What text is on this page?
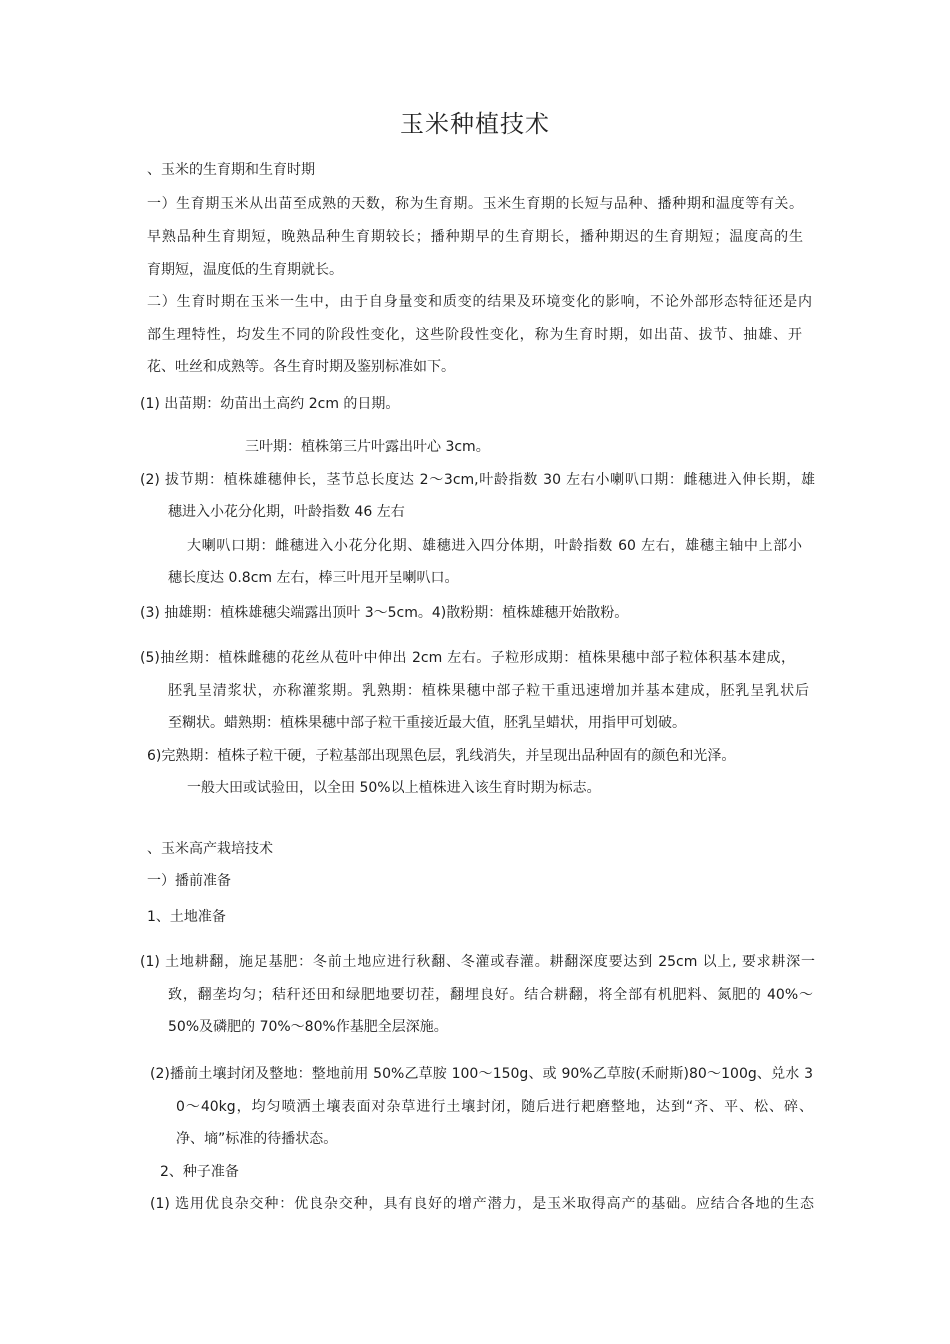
玉米种植技术
、玉米的生育期和生育时期
一）生育期玉米从出苗至成熟的天数，称为生育期。玉米生育期的长短与品种、播种期和温度等有关。
早熟品种生育期短，晚熟品种生育期较长；播种期早的生育期长，播种期迟的生育期短；温度高的生
育期短，温度低的生育期就长。
二）生育时期在玉米一生中，由于自身量变和质变的结果及环境变化的影响，不论外部形态特征还是内
部生理特性，均发生不同的阶段性变化，这些阶段性变化，称为生育时期，如出苗、拔节、抽雄、开
花、吐丝和成熟等。各生育时期及鉴别标准如下。
(1) 出苗期：幼苗出土高约 2cm 的日期。
三叶期：植株第三片叶露出叶心 3cm。
(2) 拔节期：植株雄穗伸长，茎节总长度达 2～3cm,叶龄指数 30 左右小喇叭口期：雌穗进入伸长期，雄
穗进入小花分化期，叶龄指数 46 左右
大喇叭口期：雌穗进入小花分化期、雄穗进入四分体期，叶龄指数 60 左右，雄穗主轴中上部小
穗长度达 0.8cm 左右，棒三叶甩开呈喇叭口。
(3) 抽雄期：植株雄穗尖端露出顶叶 3～5cm。4)散粉期：植株雄穗开始散粉。
(5)抽丝期：植株雌穗的花丝从苞叶中伸出 2cm 左右。子粒形成期：植株果穗中部子粒体积基本建成，
胚乳呈清浆状，亦称灌浆期。乳熟期：植株果穗中部子粒干重迅速增加并基本建成，胚乳呈乳状后
至糊状。蜡熟期：植株果穗中部子粒干重接近最大值，胚乳呈蜡状，用指甲可划破。
6)完熟期：植株子粒干硬，子粒基部出现黑色层，乳线消失，并呈现出品种固有的颜色和光泽。
一般大田或试验田，以全田 50%以上植株进入该生育时期为标志。
、玉米高产栽培技术
一）播前准备
1、土地准备
(1) 土地耕翻，施足基肥：冬前土地应进行秋翻、冬灌或春灌。耕翻深度要达到 25cm 以上, 要求耕深一
致，翻垄均匀；秸秆还田和绿肥地要切茬，翻埋良好。结合耕翻，将全部有机肥料、氮肥的 40%～
50%及磷肥的 70%～80%作基肥全层深施。
(2)播前土壤封闭及整地：整地前用 50%乙草胺 100～150g、或 90%乙草胺(禾耐斯)80～100g、兑水 3
0～40kg，均匀喷洒土壤表面对杂草进行土壤封闭，随后进行耙磨整地，达到“齐、平、松、碎、
净、墒”标准的待播状态。
2、种子准备
(1) 选用优良杂交种：优良杂交种，具有良好的增产潜力，是玉米取得高产的基础。应结合各地的生态
